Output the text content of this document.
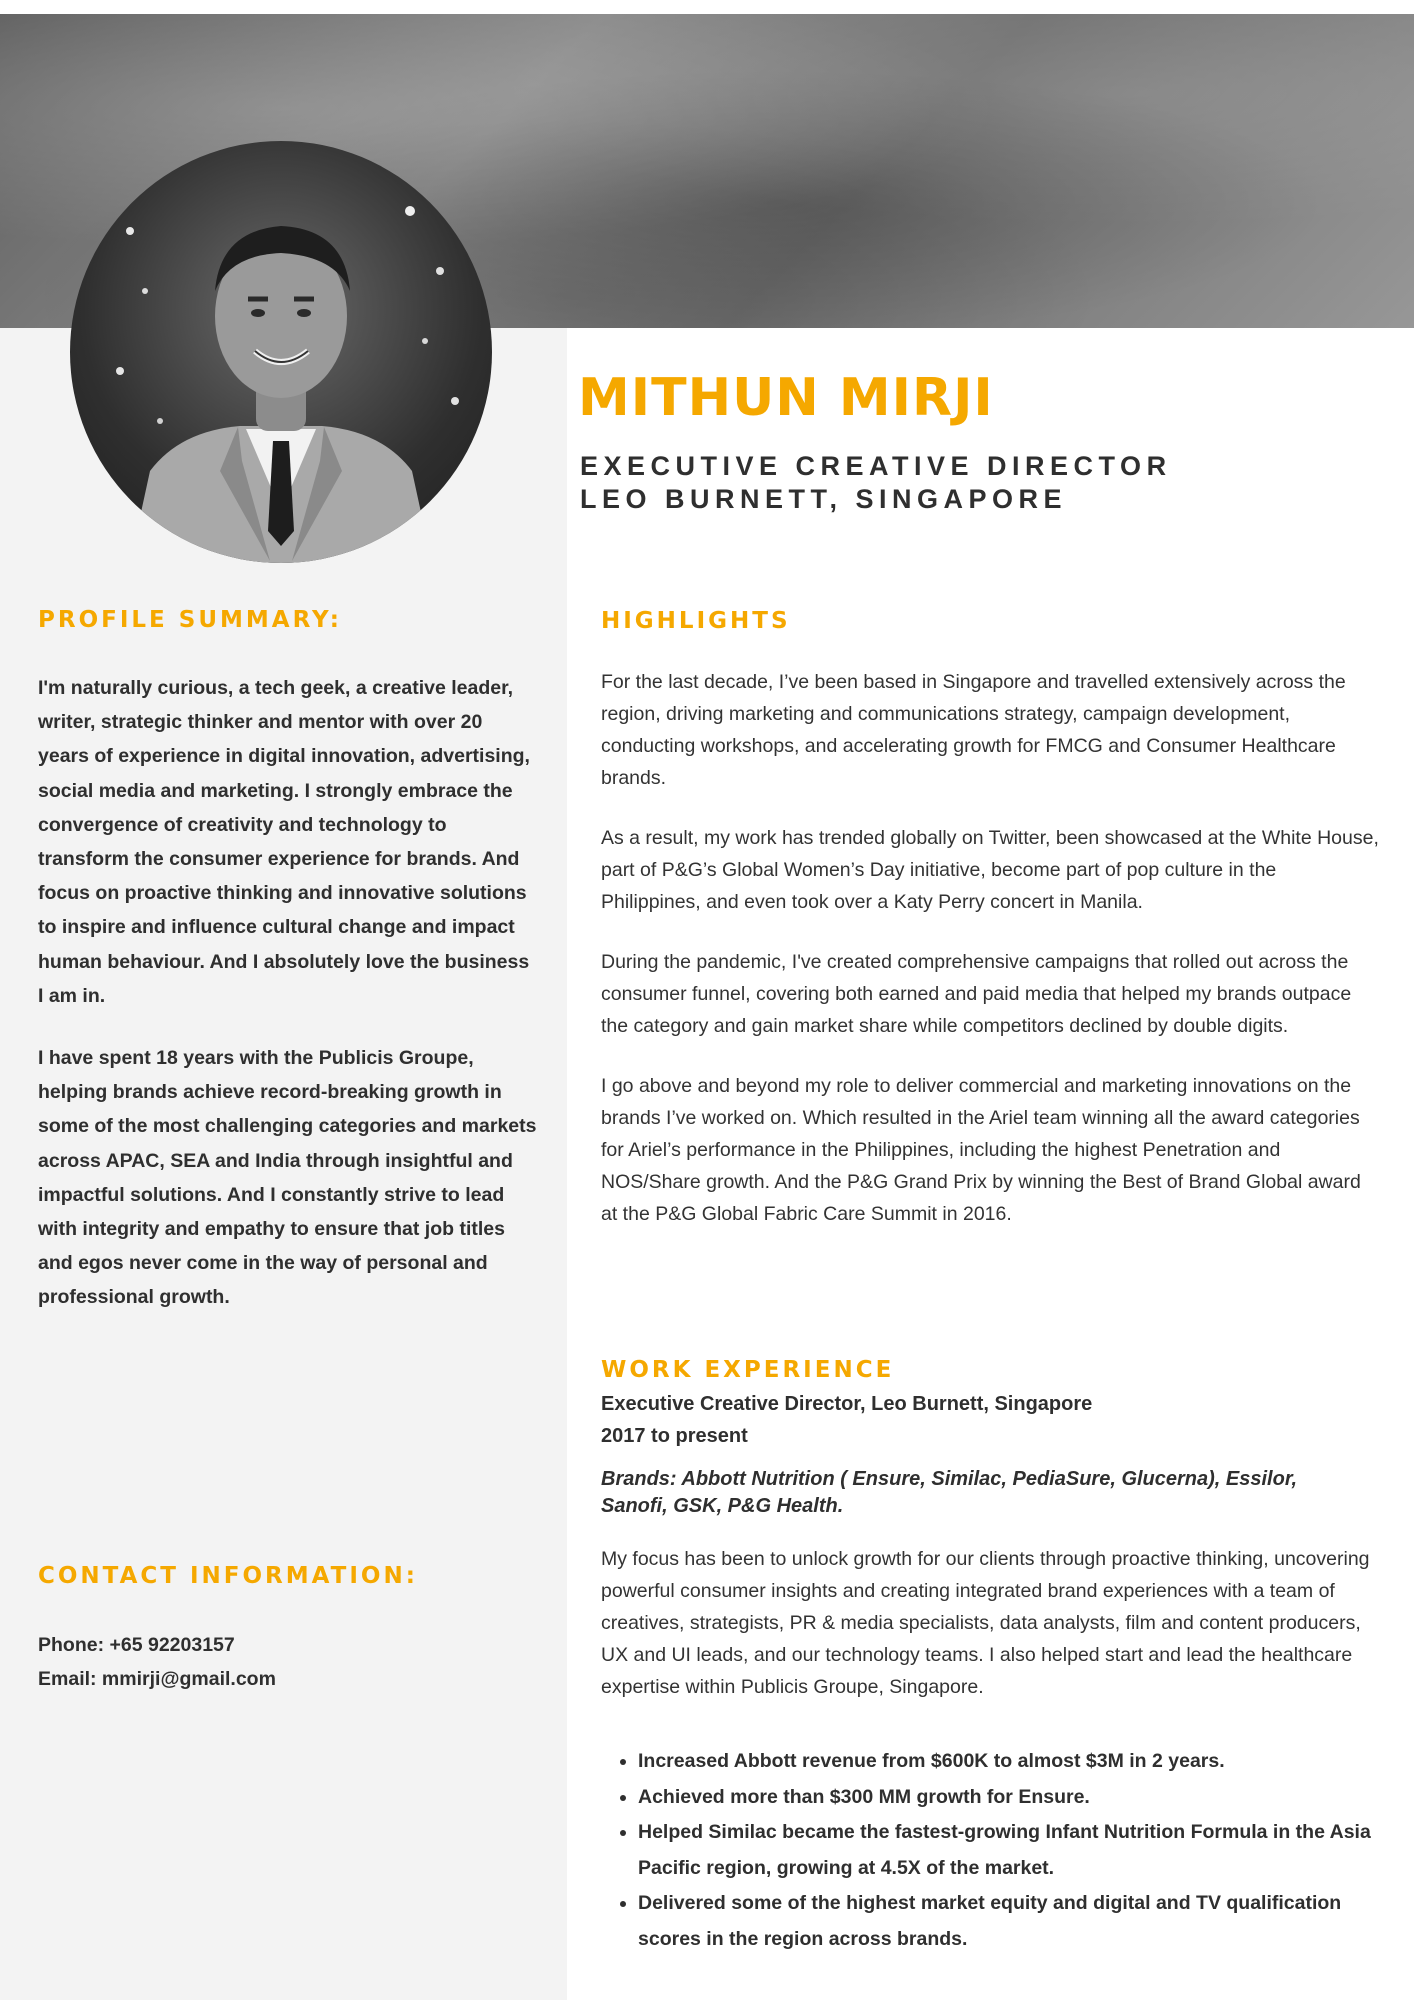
MITHUN MIRJI
EXECUTIVE CREATIVE DIRECTOR
LEO BURNETT, SINGAPORE
PROFILE SUMMARY:

I'm naturally curious, a tech geek, a creative leader, writer, strategic thinker and mentor with over 20 years of experience in digital innovation, advertising, social media and marketing. I strongly embrace the convergence of creativity and technology to transform the consumer experience for brands. And focus on proactive thinking and innovative solutions to inspire and influence cultural change and impact human behaviour. And I absolutely love the business I am in.

I have spent 18 years with the Publicis Groupe, helping brands achieve record-breaking growth in some of the most challenging categories and markets across APAC, SEA and India through insightful and impactful solutions. And I constantly strive to lead with integrity and empathy to ensure that job titles and egos never come in the way of personal and professional growth.

CONTACT INFORMATION:
Phone: +65 92203157
Email: mmirji@gmail.com
HIGHLIGHTS

For the last decade, I’ve been based in Singapore and travelled extensively across the region, driving marketing and communications strategy, campaign development, conducting workshops, and accelerating growth for FMCG and Consumer Healthcare brands.

As a result, my work has trended globally on Twitter, been showcased at the White House, part of P&G’s Global Women’s Day initiative, become part of pop culture in the Philippines, and even took over a Katy Perry concert in Manila.

During the pandemic, I've created comprehensive campaigns that rolled out across the consumer funnel, covering both earned and paid media that helped my brands outpace the category and gain market share while competitors declined by double digits.

I go above and beyond my role to deliver commercial and marketing innovations on the brands I’ve worked on. Which resulted in the Ariel team winning all the award categories for Ariel’s performance in the Philippines, including the highest Penetration and NOS/Share growth. And the P&G Grand Prix by winning the Best of Brand Global award at the P&G Global Fabric Care Summit in 2016.

WORK EXPERIENCE
Executive Creative Director, Leo Burnett, Singapore
2017 to present

Brands: Abbott Nutrition ( Ensure, Similac, PediaSure, Glucerna), Essilor, Sanofi, GSK, P&G Health.

My focus has been to unlock growth for our clients through proactive thinking, uncovering powerful consumer insights and creating integrated brand experiences with a team of creatives, strategists, PR & media specialists, data analysts, film and content producers, UX and UI leads, and our technology teams. I also helped start and lead the healthcare expertise within Publicis Groupe, Singapore.

• Increased Abbott revenue from $600K to almost $3M in 2 years.
• Achieved more than $300 MM growth for Ensure.
• Helped Similac became the fastest-growing Infant Nutrition Formula in the Asia Pacific region, growing at 4.5X of the market.
• Delivered some of the highest market equity and digital and TV qualification scores in the region across brands.
